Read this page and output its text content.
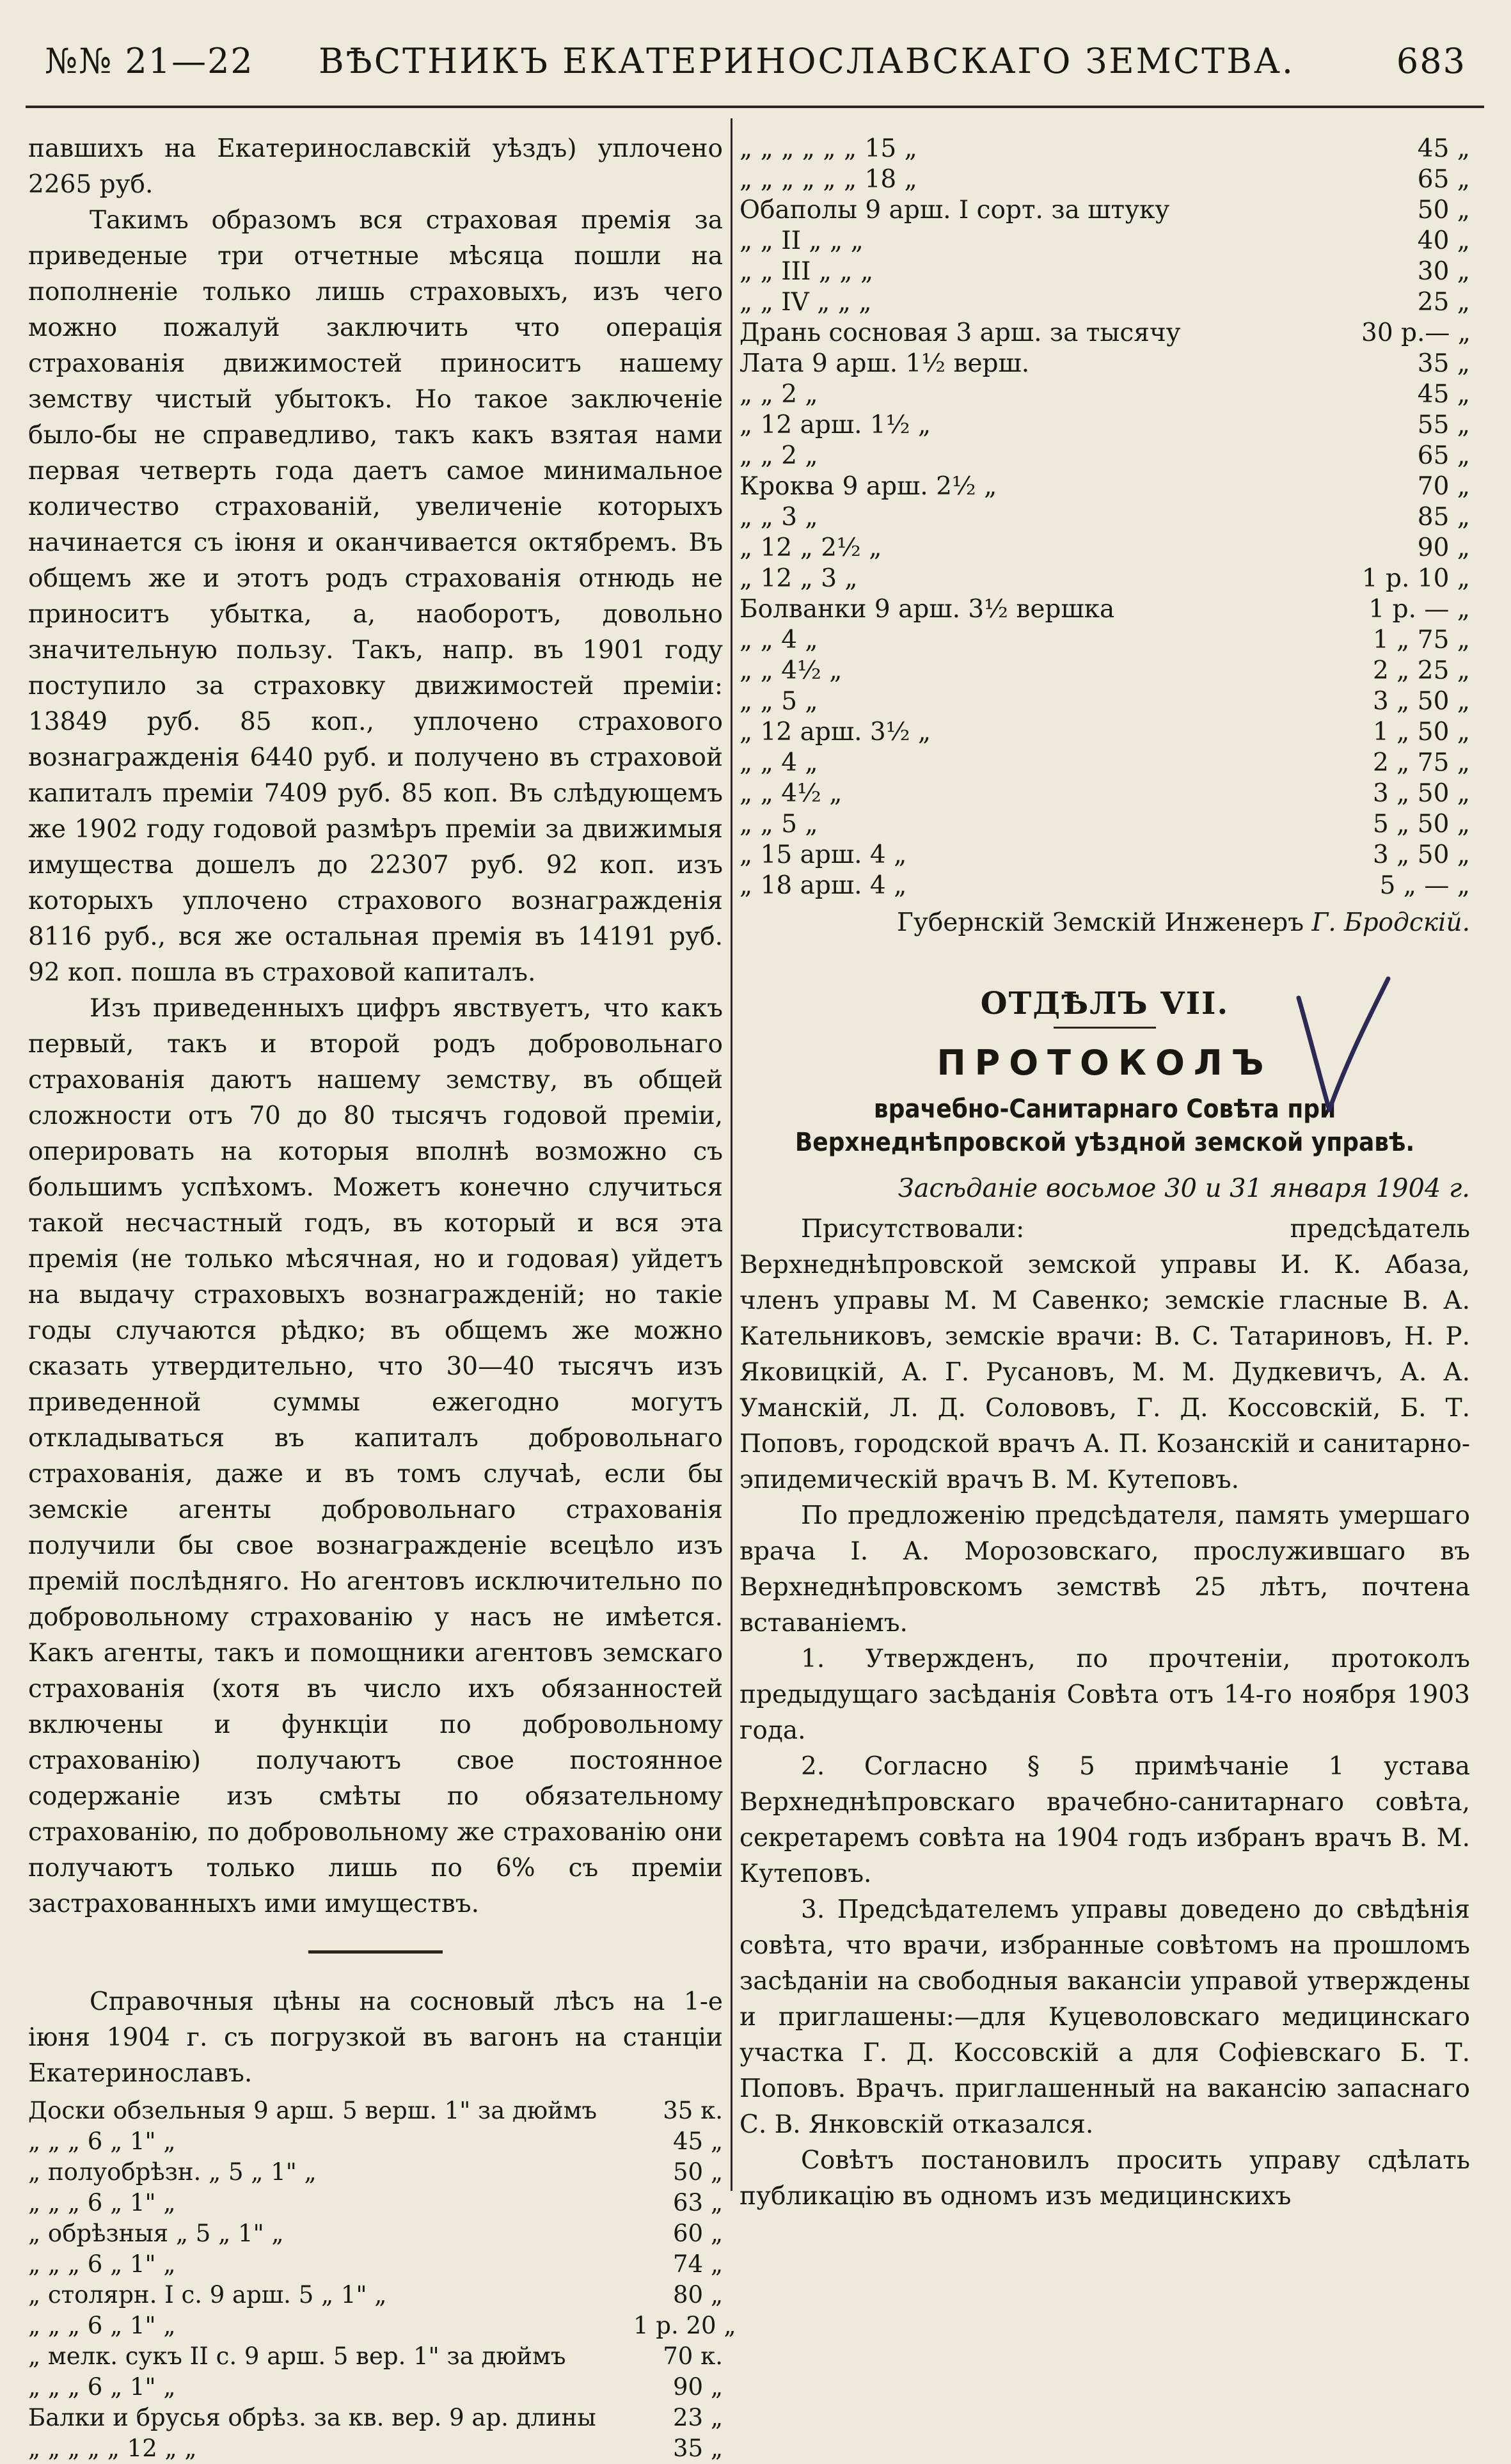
№№ 21—22	ВѢСТНИКЪ ЕКАТЕРИНОСЛАВСКАГО ЗЕМСТВА.	683

павшихъ на Екатеринославскій уѣздъ) уплочено 2265 руб.

Такимъ образомъ вся страховая премія за приведеные три отчетные мѣсяца пошли на пополненіе только лишь страховыхъ, изъ чего можно пожалуй заключить что операція страхованія движимостей приноситъ нашему земству чистый убытокъ. Но такое заключеніе было-бы не справедливо, такъ какъ взятая нами первая четверть года даетъ самое минимальное количество страхованій, увеличеніе которыхъ начинается съ іюня и оканчивается октябремъ. Въ общемъ же и этотъ родъ страхованія отнюдь не приноситъ убытка, а, наоборотъ, довольно значительную пользу. Такъ, напр. въ 1901 году поступило за страховку движимостей преміи: 13849 руб. 85 коп., уплочено страхового вознагражденія 6440 руб. и получено въ страховой капиталъ преміи 7409 руб. 85 коп. Въ слѣдующемъ же 1902 году годовой размѣръ преміи за движимыя имущества дошелъ до 22307 руб. 92 коп. изъ которыхъ уплочено страхового вознагражденія 8116 руб., вся же остальная премія въ 14191 руб. 92 коп. пошла въ страховой капиталъ.

Изъ приведенныхъ цифръ явствуетъ, что какъ первый, такъ и второй родъ добровольнаго страхованія даютъ нашему земству, въ общей сложности отъ 70 до 80 тысячъ годовой преміи, оперировать на которыя вполнѣ возможно съ большимъ успѣхомъ. Можетъ конечно случиться такой несчастный годъ, въ который и вся эта премія (не только мѣсячная, но и годовая) уйдетъ на выдачу страховыхъ вознагражденій; но такіе годы случаются рѣдко; въ общемъ же можно сказать утвердительно, что 30—40 тысячъ изъ приведенной суммы ежегодно могутъ откладываться въ капиталъ добровольнаго страхованія, даже и въ томъ случаѣ, если бы земскіе агенты добровольнаго страхованія получили бы свое вознагражденіе всецѣло изъ премій послѣдняго. Но агентовъ исключительно по добровольному страхованію у насъ не имѣется. Какъ агенты, такъ и помощники агентовъ земскаго страхованія (хотя въ число ихъ обязанностей включены и функціи по добровольному страхованію) получаютъ свое постоянное содержаніе изъ смѣты по обязательному страхованію, по добровольному же страхованію они получаютъ только лишь по 6% съ преміи застрахованныхъ ими имуществъ.

Справочныя цѣны на сосновый лѣсъ на 1-е іюня 1904 г. съ погрузкой въ вагонъ на станціи Екатеринославъ.

Доски обзельныя 9 арш. 5 верш. 1" за дюймъ	35 к.
„ „ „ 6 „ 1" „	45 „
„ полуобрѣзн. „ 5 „ 1" „	50 „
„ „ „ 6 „ 1" „	63 „
„ обрѣзныя „ 5 „ 1" „	60 „
„ „ „ 6 „ 1" „	74 „
„ столярн. I с. 9 арш. 5 „ 1" „	80 „
„ „ „ 6 „ 1" „	1 р. 20 „
„ мелк. сукъ II с. 9 арш. 5 вер. 1" за дюймъ	70 к.
„ „ „ 6 „ 1" „	90 „
Балки и брусья обрѣз. за кв. вер. 9 ар. длины	23 „
„ „ „ „ „ 12 „ „	35 „
„ „ „ „ „ „ 15 „	45 „
„ „ „ „ „ „ 18 „	65 „
Обаполы 9 арш. I сорт. за штуку	50 „
„ „ II „ „ „	40 „
„ „ III „ „ „	30 „
„ „ IV „ „ „	25 „
Дрань сосновая 3 арш. за тысячу	30 р.— „
Лата 9 арш. 1½ верш.	35 „
„ „ 2 „	45 „
„ 12 арш. 1½ „	55 „
„ „ 2 „	65 „
Кроква 9 арш. 2½ „	70 „
„ „ 3 „	85 „
„ 12 „ 2½ „	90 „
„ 12 „ 3 „	1 р. 10 „
Болванки 9 арш. 3½ вершка	1 р. — „
„ „ 4 „	1 „ 75 „
„ „ 4½ „	2 „ 25 „
„ „ 5 „	3 „ 50 „
„ 12 арш. 3½ „	1 „ 50 „
„ „ 4 „	2 „ 75 „
„ „ 4½ „	3 „ 50 „
„ „ 5 „	5 „ 50 „
„ 15 арш. 4 „	3 „ 50 „
„ 18 арш. 4 „	5 „ — „
Губернскій Земскій Инженеръ Г. Бродскій.
ОТДѢЛЪ VII.
ПРОТОКОЛЪ
врачебно-Санитарнаго Совѣта при Верхнеднѣпровской уѣздной земской управѣ.
Засѣданіе восьмое 30 и 31 января 1904 г.

Присутствовали: предсѣдатель Верхнеднѣпровской земской управы И. К. Абаза, членъ управы М. М Савенко; земскіе гласные В. А. Кательниковъ, земскіе врачи: В. С. Татариновъ, Н. Р. Яковицкій, А. Г. Русановъ, М. М. Дудкевичъ, А. А. Уманскій, Л. Д. Солововъ, Г. Д. Коссовскій, Б. Т. Поповъ, городской врачъ А. П. Козанскій и санитарно-эпидемическій врачъ В. М. Кутеповъ.

По предложенію предсѣдателя, память умершаго врача I. А. Морозовскаго, прослужившаго въ Верхнеднѣпровскомъ земствѣ 25 лѣтъ, почтена вставаніемъ.

1. Утвержденъ, по прочтеніи, протоколъ предыдущаго засѣданія Совѣта отъ 14-го ноября 1903 года.

2. Согласно § 5 примѣчаніе 1 устава Верхнеднѣпровскаго врачебно-санитарнаго совѣта, секретаремъ совѣта на 1904 годъ избранъ врачъ В. М. Кутеповъ.

3. Предсѣдателемъ управы доведено до свѣдѣнія совѣта, что врачи, избранные совѣтомъ на прошломъ засѣданіи на свободныя вакансіи управой утверждены и приглашены:—для Куцеволовскаго медицинскаго участка Г. Д. Коссовскій а для Софіевскаго Б. Т. Поповъ. Врачъ. приглашенный на вакансію запаснаго С. В. Янковскій отказался.

Совѣтъ постановилъ просить управу сдѣлать публикацію въ одномъ изъ медицинскихъ
